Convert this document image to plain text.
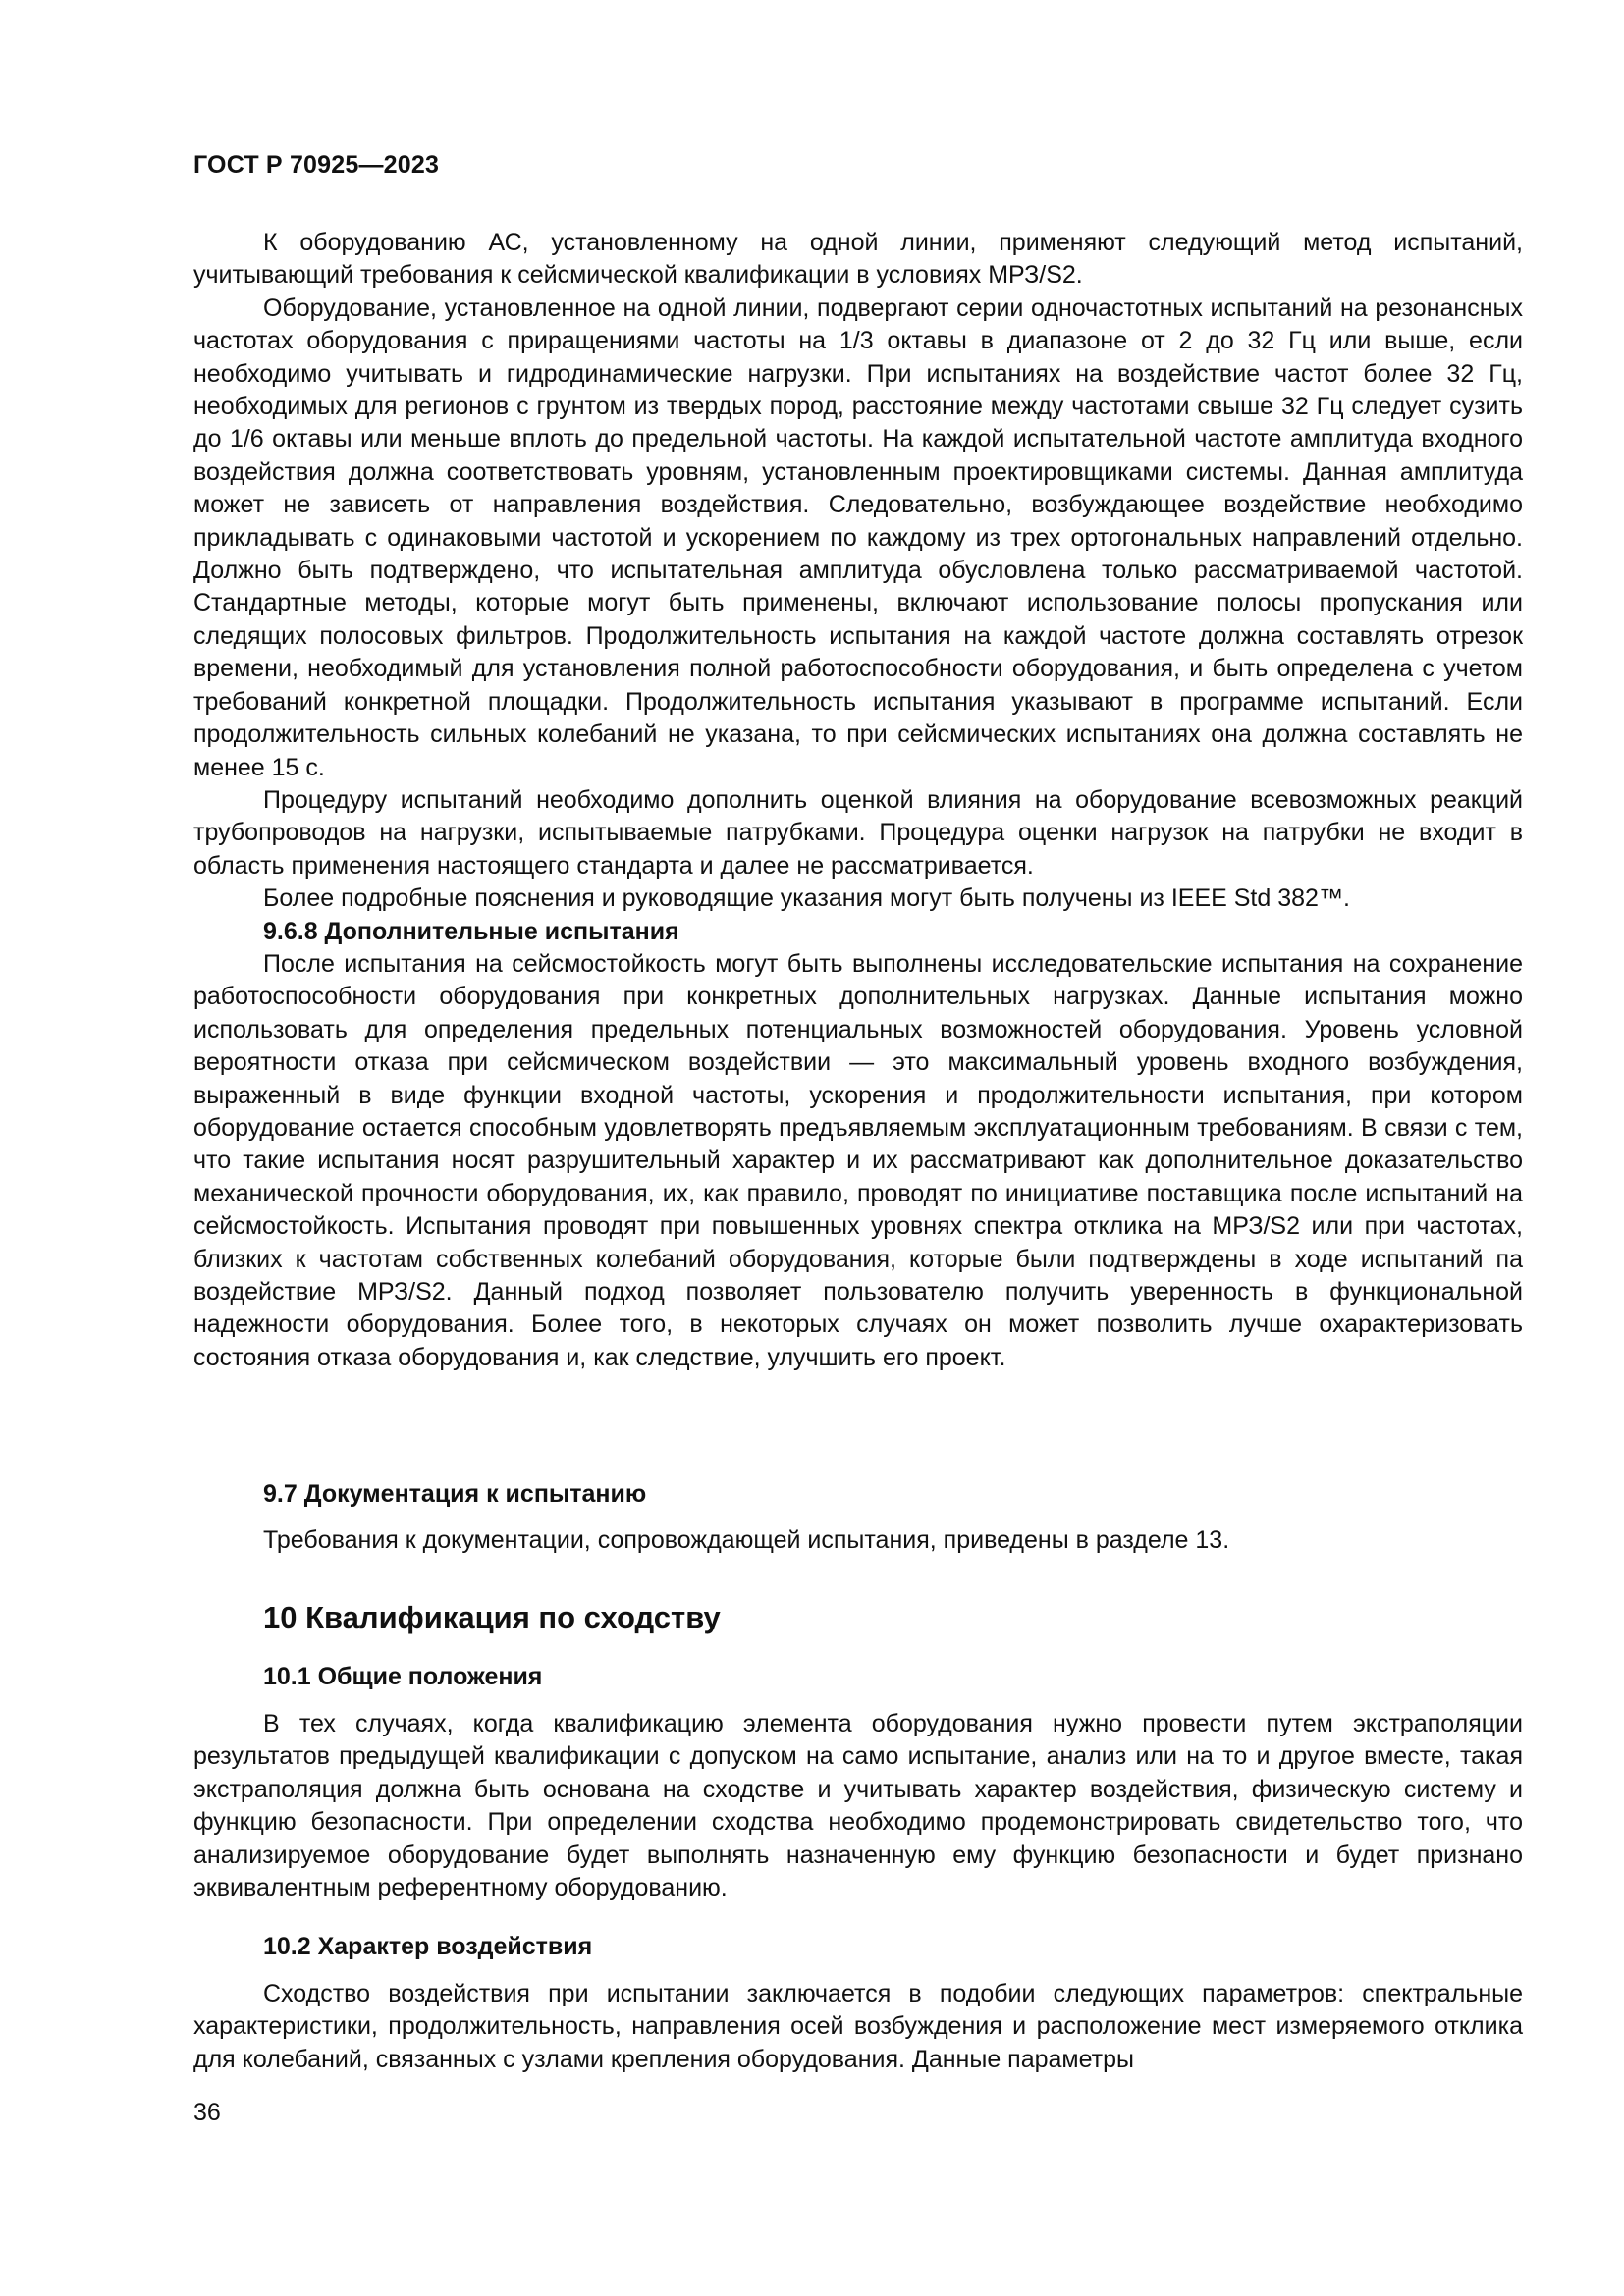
ГОСТ Р 70925—2023

К оборудованию АС, установленному на одной линии, применяют следующий метод испытаний, учитывающий требования к сейсмической квалификации в условиях МРЗ/S2.

Оборудование, установленное на одной линии, подвергают серии одночастотных испытаний на резонансных частотах оборудования с приращениями частоты на 1/3 октавы в диапазоне от 2 до 32 Гц или выше, если необходимо учитывать и гидродинамические нагрузки. При испытаниях на воздействие частот более 32 Гц, необходимых для регионов с грунтом из твердых пород, расстояние между частотами свыше 32 Гц следует сузить до 1/6 октавы или меньше вплоть до предельной частоты. На каждой испытательной частоте амплитуда входного воздействия должна соответствовать уровням, установленным проектировщиками системы. Данная амплитуда может не зависеть от направления воздействия. Следовательно, возбуждающее воздействие необходимо прикладывать с одинаковыми частотой и ускорением по каждому из трех ортогональных направлений отдельно. Должно быть подтверждено, что испытательная амплитуда обусловлена только рассматриваемой частотой. Стандартные методы, которые могут быть применены, включают использование полосы пропускания или следящих полосовых фильтров. Продолжительность испытания на каждой частоте должна составлять отрезок времени, необходимый для установления полной работоспособности оборудования, и быть определена с учетом требований конкретной площадки. Продолжительность испытания указывают в программе испытаний. Если продолжительность сильных колебаний не указана, то при сейсмических испытаниях она должна составлять не менее 15 с.

Процедуру испытаний необходимо дополнить оценкой влияния на оборудование всевозможных реакций трубопроводов на нагрузки, испытываемые патрубками. Процедура оценки нагрузок на патрубки не входит в область применения настоящего стандарта и далее не рассматривается.

Более подробные пояснения и руководящие указания могут быть получены из IEEE Std 382™.

9.6.8 Дополнительные испытания

После испытания на сейсмостойкость могут быть выполнены исследовательские испытания на сохранение работоспособности оборудования при конкретных дополнительных нагрузках. Данные испытания можно использовать для определения предельных потенциальных возможностей оборудования. Уровень условной вероятности отказа при сейсмическом воздействии — это максимальный уровень входного возбуждения, выраженный в виде функции входной частоты, ускорения и продолжительности испытания, при котором оборудование остается способным удовлетворять предъявляемым эксплуатационным требованиям. В связи с тем, что такие испытания носят разрушительный характер и их рассматривают как дополнительное доказательство механической прочности оборудования, их, как правило, проводят по инициативе поставщика после испытаний на сейсмостойкость. Испытания проводят при повышенных уровнях спектра отклика на МРЗ/S2 или при частотах, близких к частотам собственных колебаний оборудования, которые были подтверждены в ходе испытаний па воздействие МРЗ/S2. Данный подход позволяет пользователю получить уверенность в функциональной надежности оборудования. Более того, в некоторых случаях он может позволить лучше охарактеризовать состояния отказа оборудования и, как следствие, улучшить его проект.

9.7 Документация к испытанию

Требования к документации, сопровождающей испытания, приведены в разделе 13.

10 Квалификация по сходству
10.1 Общие положения

В тех случаях, когда квалификацию элемента оборудования нужно провести путем экстраполяции результатов предыдущей квалификации с допуском на само испытание, анализ или на то и другое вместе, такая экстраполяция должна быть основана на сходстве и учитывать характер воздействия, физическую систему и функцию безопасности. При определении сходства необходимо продемонстрировать свидетельство того, что анализируемое оборудование будет выполнять назначенную ему функцию безопасности и будет признано эквивалентным референтному оборудованию.

10.2 Характер воздействия

Сходство воздействия при испытании заключается в подобии следующих параметров: спектральные характеристики, продолжительность, направления осей возбуждения и расположение мест измеряемого отклика для колебаний, связанных с узлами крепления оборудования. Данные параметры

36
